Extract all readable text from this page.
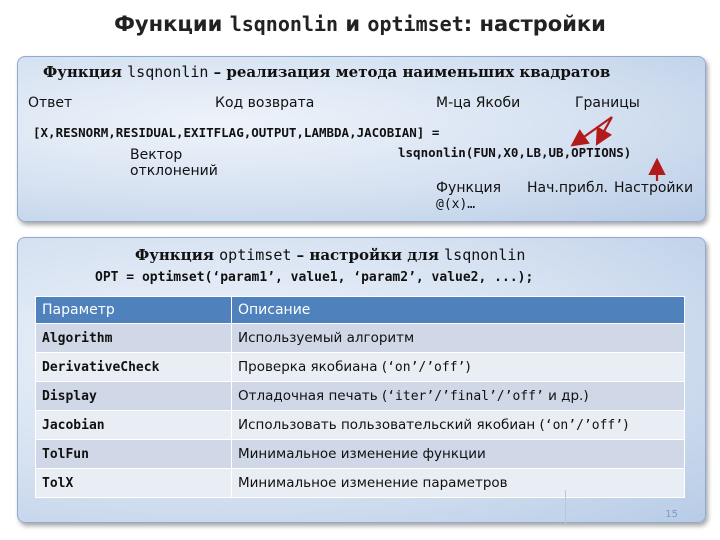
Функции lsqnonlin и optimset: настройки
Функция lsqnonlin – реализация метода наименьших квадратов
Ответ	Код возврата	М-ца Якоби	Границы
[X,RESNORM,RESIDUAL,EXITFLAG,OUTPUT,LAMBDA,JACOBIAN] =
lsqnonlin(FUN,X0,LB,UB,OPTIONS)
Вектор
отклонений
Функция
@(x)…
Нач.прибл. Настройки
Функция optimset – настройки для lsqnonlin
OPT = optimset(‘param1’, value1, ‘param2’, value2, ...);
Параметр	Описание
Algorithm	Используемый алгоритм
DerivativeCheck	Проверка якобиана (‘on’/’off’)
Display	Отладочная печать (‘iter’/’final’/’off’ и др.)
Jacobian	Использовать пользовательский якобиан (‘on’/’off’)
TolFun	Минимальное изменение функции
TolX	Минимальное изменение параметров
15
